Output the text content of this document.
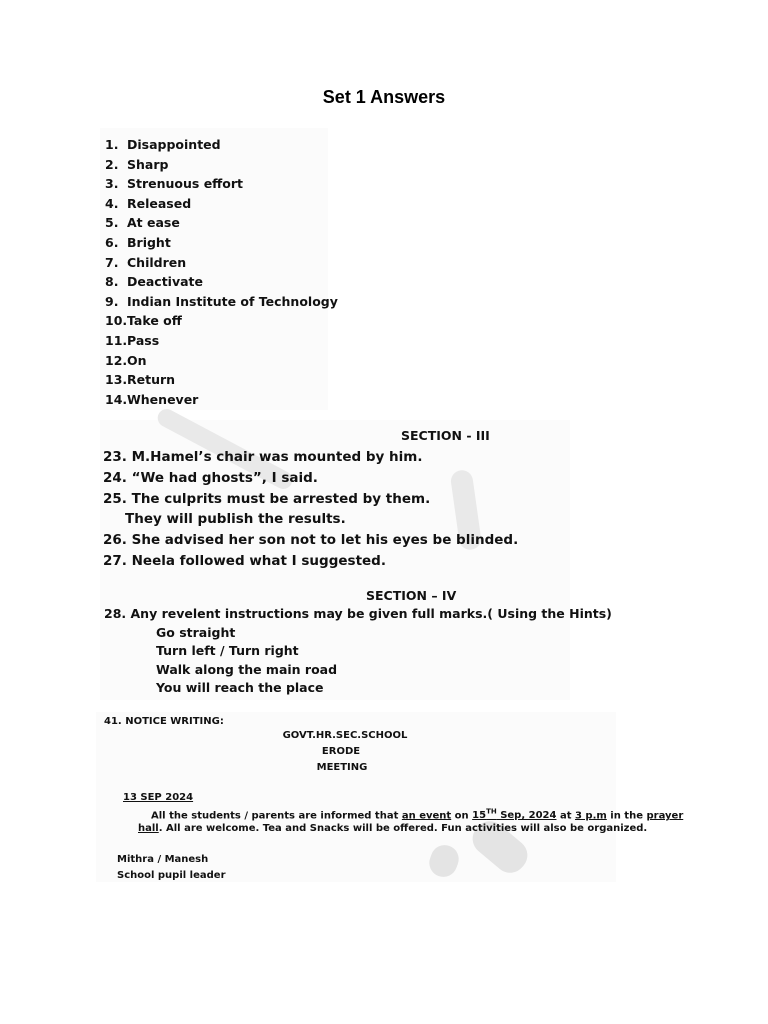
Set 1 Answers
1. Disappointed
2. Sharp
3. Strenuous effort
4. Released
5. At ease
6. Bright
7. Children
8. Deactivate
9. Indian Institute of Technology
10.Take off
11.Pass
12.On
13.Return
14.Whenever
SECTION - III
23. M.Hamel’s chair was mounted by him.
24. “We had ghosts”, I said.
25. The culprits must be arrested by them.
They will publish the results.
26. She advised her son not to let his eyes be blinded.
27. Neela followed what I suggested.
SECTION – IV
28. Any revelent instructions may be given full marks.( Using the Hints)
Go straight
Turn left / Turn right
Walk along the main road
You will reach the place
41. NOTICE WRITING:
GOVT.HR.SEC.SCHOOL
ERODE
MEETING
13 SEP 2024
All the students / parents are informed that an event on 15TH Sep, 2024 at 3 p.m in the prayer
hall. All are welcome. Tea and Snacks will be offered. Fun activities will also be organized.
Mithra / Manesh
School pupil leader
